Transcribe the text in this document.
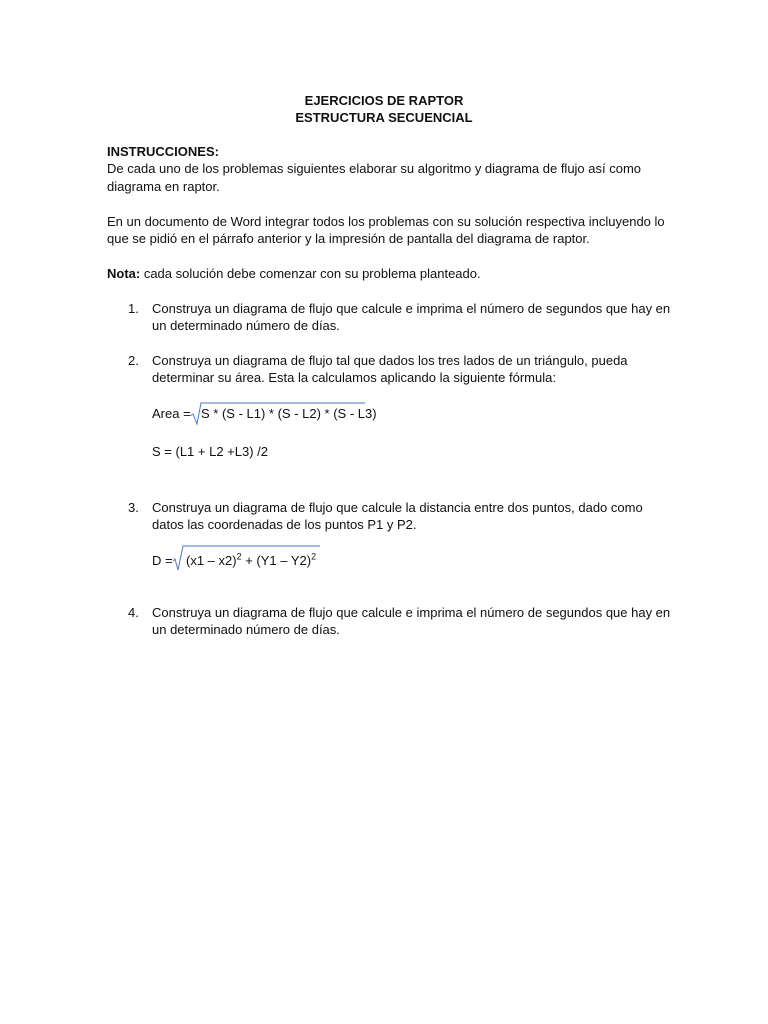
EJERCICIOS DE RAPTOR
ESTRUCTURA SECUENCIAL
INSTRUCCIONES:
De cada uno de los problemas siguientes elaborar su algoritmo y diagrama de flujo así como
diagrama en raptor.
En un documento de Word integrar todos los problemas con su solución respectiva incluyendo lo
que se pidió en el párrafo anterior y la impresión de pantalla del diagrama de raptor.
Nota: cada solución debe comenzar con su problema planteado.
1. Construya un diagrama de flujo que calcule e imprima el número de segundos que hay en
un determinado número de días.
2. Construya un diagrama de flujo tal que dados los tres lados de un triángulo, pueda
determinar su área. Esta la calculamos aplicando la siguiente fórmula:
Area = S * (S - L1) * (S - L2) * (S - L3)
S = (L1 + L2 +L3) /2
3. Construya un diagrama de flujo que calcule la distancia entre dos puntos, dado como
datos las coordenadas de los puntos P1 y P2.
D = (x1 – x2)$^2$ + (Y1 – Y2)$^2$
4. Construya un diagrama de flujo que calcule e imprima el número de segundos que hay en
un determinado número de días.
